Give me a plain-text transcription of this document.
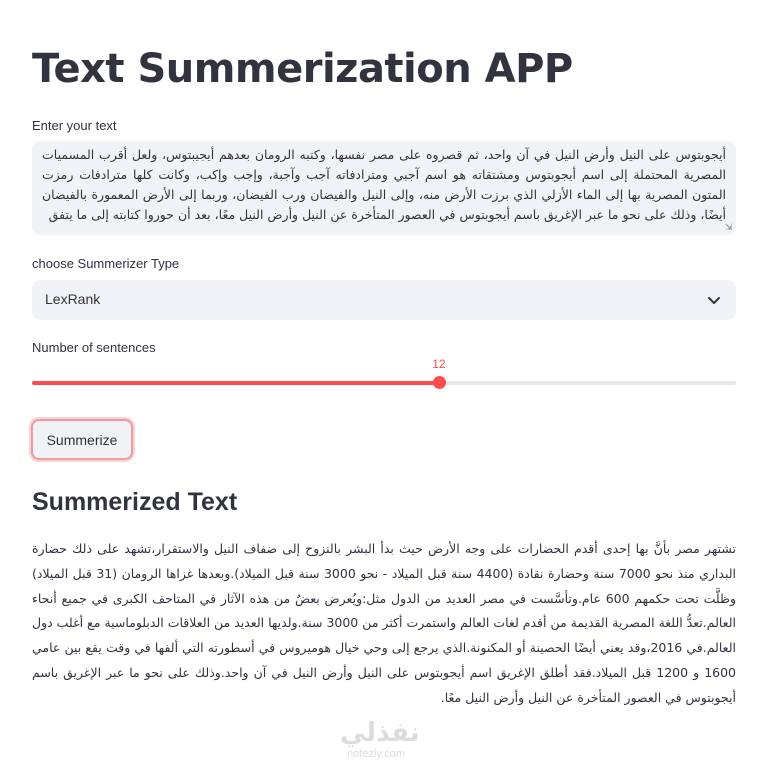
Text Summerization APP
Enter your text
أيجوبتوس على النيل وأرض النيل في آن واحد، ثم قصروه على مصر نفسها، وكتبه الرومان بعدهم أيجيبتوس، ولعل أقرب المسميات المصرية المحتملة إلى اسم أيجوبتوس ومشتقاته هو اسم آجبي ومترادفاته آجب وآجبة، وإجب وإكب، وكانت كلها مترادفات رمزت المتون المصرية بها إلى الماء الأزلي الذي برزت الأرض منه، وإلى النيل والفيضان ورب الفيضان، وربما إلى الأرض المعمورة بالفيضان أيضًا، وذلك على نحو ما عبر الإغريق باسم أيجوبتوس في العصور المتأخرة عن النيل وأرض النيل معًا، بعد أن حوروا كتابته إلى ما يتفق
⇲
choose Summerizer Type
LexRank
Number of sentences
12
Summerize
Summerized Text
تشتهر مصر بأنَّ بها إحدى أقدم الحضارات على وجه الأرض حيث بدأ البشر بالنزوح إلى ضفاف النيل والاستقرار،تشهد على ذلك حضارة البداري منذ نحو 7000 سنة وحضارة نقادة (4400 سنة قبل الميلاد - نحو 3000 سنة قبل الميلاد).وبعدها غزاها الرومان (31 قبل الميلاد) وظلَّت تحت حكمهم 600 عام.وتأسَّست في مصر العديد من الدول مثل:ويُعرض بعضٌ من هذه الآثار في المتاحف الكبرى في جميع أنحاء العالم.تعدُّ اللغة المصرية القديمة من أقدم لغات العالم واستمرت أكثر من 3000 سنة.ولديها العديد من العلاقات الدبلوماسية مع أغلب دول العالم.في 2016،وقد يعني أيضًا الحصينة أو المكنونة.الذي يرجع إلى وحي خيال هوميروس في أسطورته التي ألفها في وقت يقع بين عامي 1600 و 1200 قبل الميلاد.فقد أطلق الإغريق اسم أيجوبتوس على النيل وأرض النيل في آن واحد.وذلك على نحو ما عبر الإغريق باسم أيجوبتوس في العصور المتأخرة عن النيل وأرض النيل معًا.
نفذلي
nofezly.com
